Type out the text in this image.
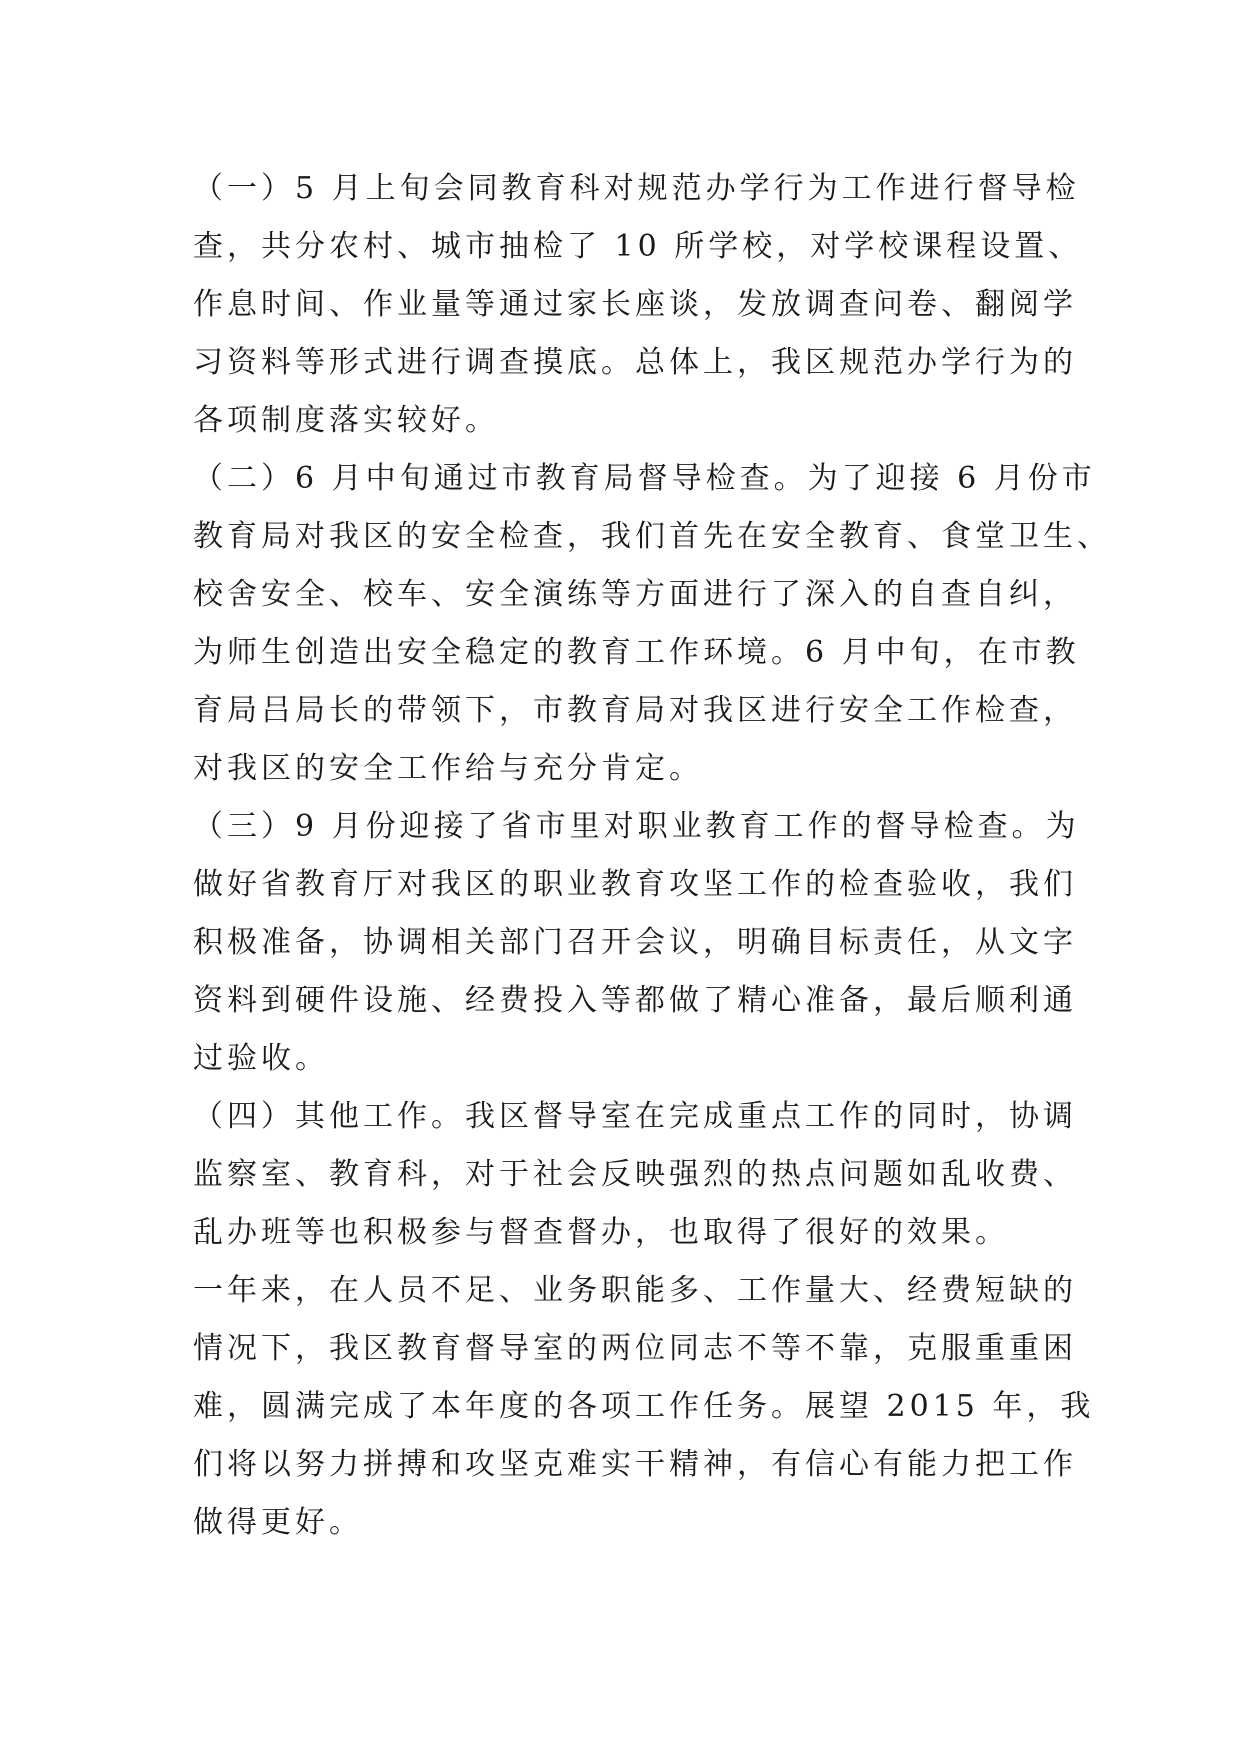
（一）5 月上旬会同教育科对规范办学行为工作进行督导检
查，共分农村、城市抽检了 10 所学校，对学校课程设置、
作息时间、作业量等通过家长座谈，发放调查问卷、翻阅学
习资料等形式进行调查摸底。总体上，我区规范办学行为的
各项制度落实较好。
（二）6 月中旬通过市教育局督导检查。为了迎接 6 月份市
教育局对我区的安全检查，我们首先在安全教育、食堂卫生、
校舍安全、校车、安全演练等方面进行了深入的自查自纠，
为师生创造出安全稳定的教育工作环境。6 月中旬，在市教
育局吕局长的带领下，市教育局对我区进行安全工作检查，
对我区的安全工作给与充分肯定。
（三）9 月份迎接了省市里对职业教育工作的督导检查。为
做好省教育厅对我区的职业教育攻坚工作的检查验收，我们
积极准备，协调相关部门召开会议，明确目标责任，从文字
资料到硬件设施、经费投入等都做了精心准备，最后顺利通
过验收。
（四）其他工作。我区督导室在完成重点工作的同时，协调
监察室、教育科，对于社会反映强烈的热点问题如乱收费、
乱办班等也积极参与督查督办，也取得了很好的效果。
一年来，在人员不足、业务职能多、工作量大、经费短缺的
情况下，我区教育督导室的两位同志不等不靠，克服重重困
难，圆满完成了本年度的各项工作任务。展望 2015 年，我
们将以努力拼搏和攻坚克难实干精神，有信心有能力把工作
做得更好。
